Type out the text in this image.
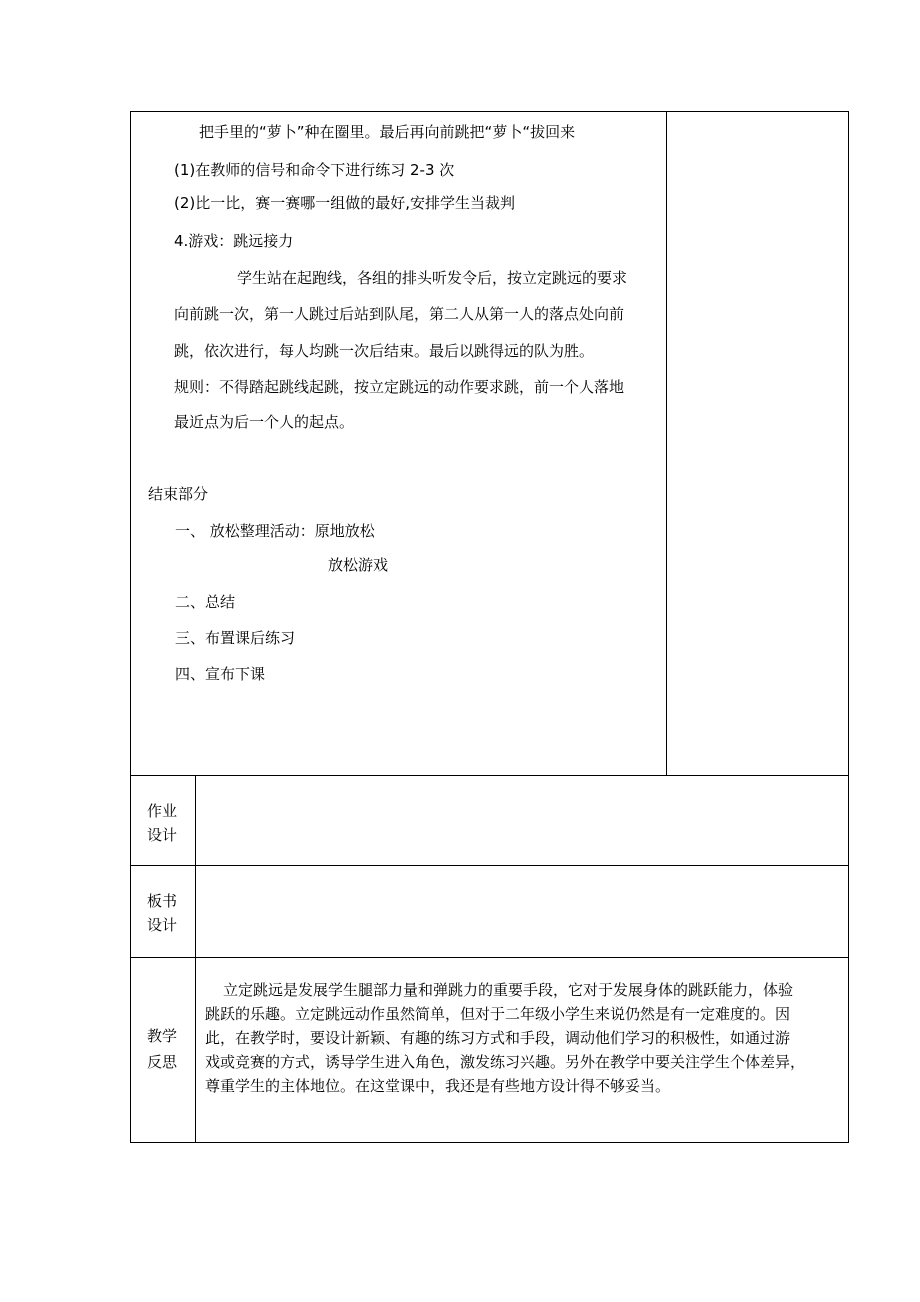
把手里的“萝卜”种在圈里。最后再向前跳把“萝卜“拔回来
(1)在教师的信号和命令下进行练习 2-3 次
(2)比一比，赛一赛哪一组做的最好,安排学生当裁判
4.游戏：跳远接力
学生站在起跑线，各组的排头听发令后，按立定跳远的要求
向前跳一次，第一人跳过后站到队尾，第二人从第一人的落点处向前
跳，依次进行，每人均跳一次后结束。最后以跳得远的队为胜。
规则：不得踏起跳线起跳，按立定跳远的动作要求跳，前一个人落地
最近点为后一个人的起点。
结束部分
一、 放松整理活动：原地放松
放松游戏
二、总结
三、布置课后练习
四、宣布下课
作业
设计
板书
设计
教学
反思
立定跳远是发展学生腿部力量和弹跳力的重要手段，它对于发展身体的跳跃能力，体验
跳跃的乐趣。立定跳远动作虽然简单，但对于二年级小学生来说仍然是有一定难度的。因
此，在教学时，要设计新颖、有趣的练习方式和手段，调动他们学习的积极性，如通过游
戏或竞赛的方式，诱导学生进入角色，激发练习兴趣。另外在教学中要关注学生个体差异，
尊重学生的主体地位。在这堂课中，我还是有些地方设计得不够妥当。
